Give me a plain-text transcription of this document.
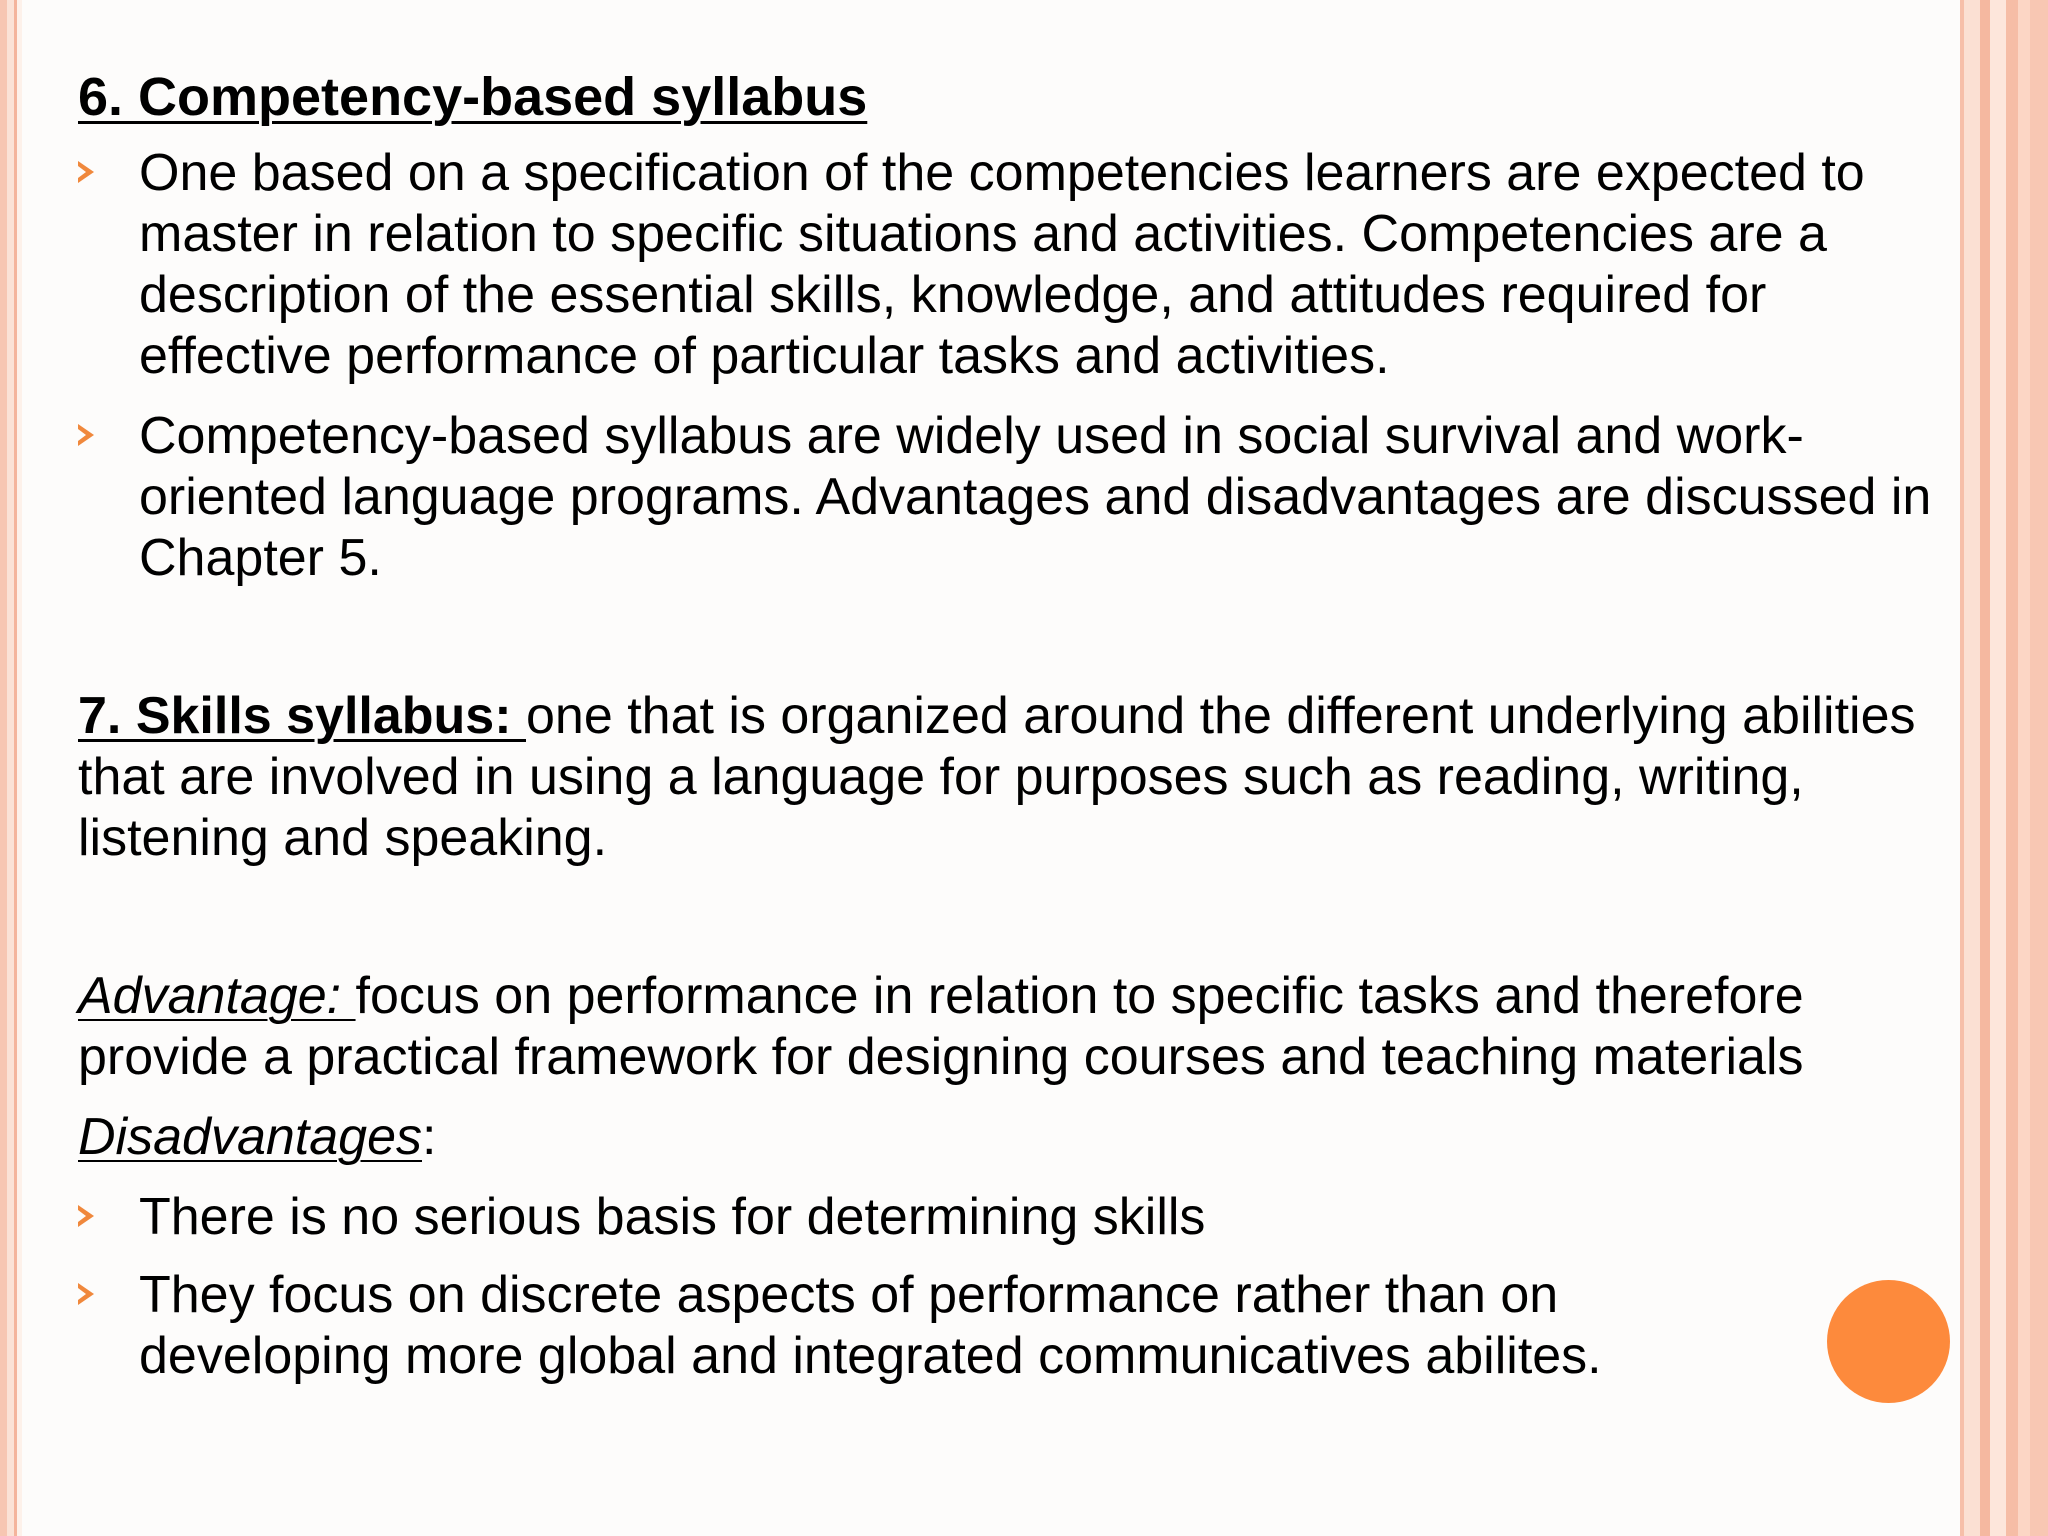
6. Competency-based syllabus
One based on a specification of the competencies learners are expected to master in relation to specific situations and activities. Competencies are a description of the essential skills, knowledge, and attitudes required for effective performance of particular tasks and activities.
Competency-based syllabus are widely used in social survival and work-oriented language programs. Advantages and disadvantages are discussed in Chapter 5.
7. Skills syllabus: one that is organized around the different underlying abilities that are involved in using a language for purposes such as reading, writing, listening and speaking.
Advantage: focus on performance in relation to specific tasks and therefore provide a practical framework for designing courses and teaching materials
Disadvantages:
There is no serious basis for determining skills
They focus on discrete aspects of performance rather than on developing more global and integrated communicatives abilites.
